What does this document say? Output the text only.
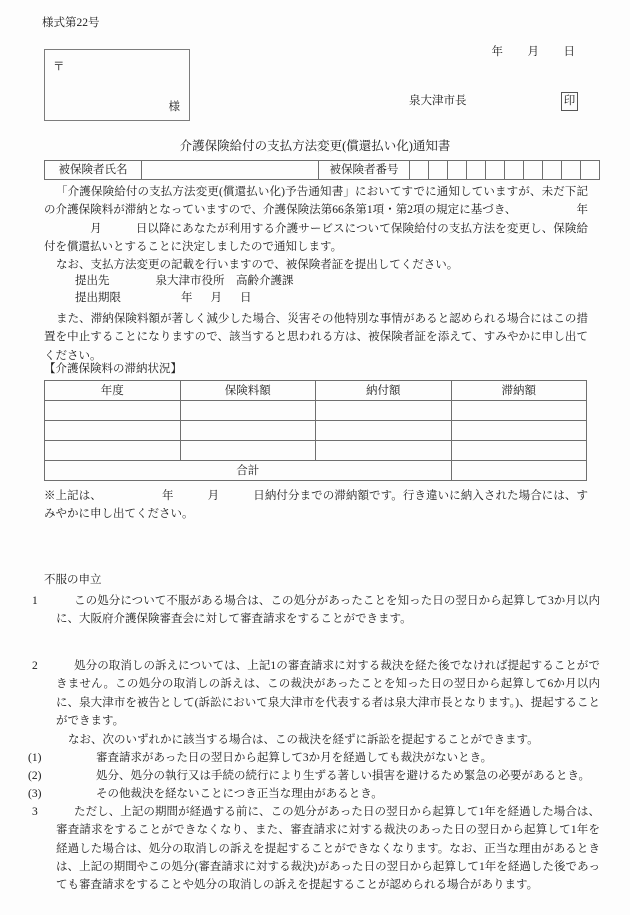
様式第22号

年 月 日

〒
様	泉大津市長	印
介護保険給付の支払方法変更(償還払い化)通知書
被保険者氏名		被保険者番号										
「介護保険給付の支払方法変更(償還払い化)予告通知書」においてすでに通知していますが、未だ下記の介護保険料が滞納となっていますので、介護保険法第66条第1項・第2項の規定に基づき、	年月	日以降にあなたが利用する介護サービスについて保険給付の支払方法を変更し、保険給付を償還払いとすることに決定しましたので通知します。
なお、支払方法変更の記載を行いますので、被保険者証を提出してください。
提出先	泉大津市役所　高齢介護課
提出期限	年 月 日
また、滞納保険料額が著しく減少した場合、災害その他特別な事情があると認められる場合にはこの措置を中止することになりますので、該当すると思われる方は、被保険者証を添えて、すみやかに申し出てください。
【介護保険料の滞納状況】
年度	保険料額	納付額	滞納額

合計			
※上記は、	年	月	日納付分までの滞納額です。行き違いに納入された場合には、すみやかに申し出てください。
不服の申立
1	この処分について不服がある場合は、この処分があったことを知った日の翌日から起算して3か月以内に、大阪府介護保険審査会に対して審査請求をすることができます。
2	処分の取消しの訴えについては、上記1の審査請求に対する裁決を経た後でなければ提起することができません。この処分の取消しの訴えは、この裁決があったことを知った日の翌日から起算して6か月以内に、泉大津市を被告として(訴訟において泉大津市を代表する者は泉大津市長となります。)、提起することができます。
なお、次のいずれかに該当する場合は、この裁決を経ずに訴訟を提起することができます。
(1)	審査請求があった日の翌日から起算して3か月を経過しても裁決がないとき。
(2)	処分、処分の執行又は手続の続行により生ずる著しい損害を避けるため緊急の必要があるとき。
(3)	その他裁決を経ないことにつき正当な理由があるとき。
3	ただし、上記の期間が経過する前に、この処分があった日の翌日から起算して1年を経過した場合は、審査請求をすることができなくなり、また、審査請求に対する裁決のあった日の翌日から起算して1年を経過した場合は、処分の取消しの訴えを提起することができなくなります。なお、正当な理由があるときは、上記の期間やこの処分(審査請求に対する裁決)があった日の翌日から起算して1年を経過した後であっても審査請求をすることや処分の取消しの訴えを提起することが認められる場合があります。
